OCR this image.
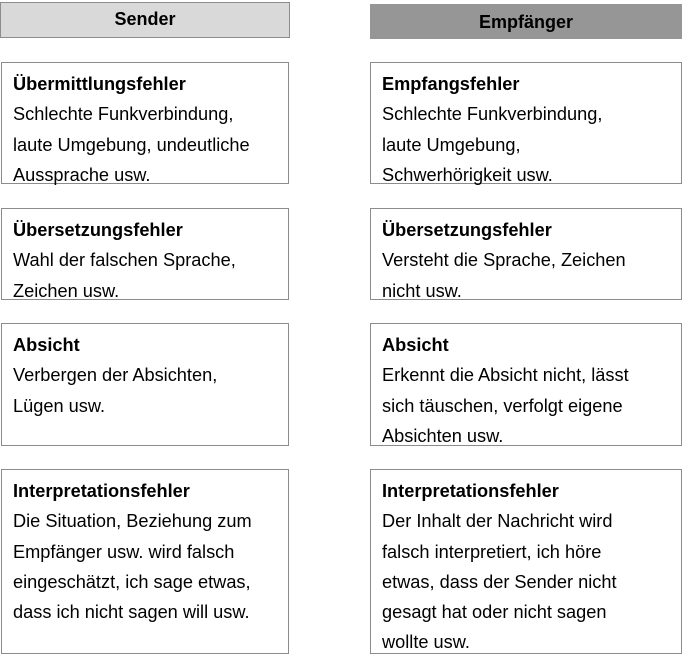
Sender	Empfänger
Übermittlungsfehler
Schlechte Funkverbindung,
laute Umgebung, undeutliche
Aussprache usw.
Übersetzungsfehler
Wahl der falschen Sprache,
Zeichen usw.
Absicht
Verbergen der Absichten,
Lügen usw.
Interpretationsfehler
Die Situation, Beziehung zum
Empfänger usw. wird falsch
eingeschätzt, ich sage etwas,
dass ich nicht sagen will usw.
Empfangsfehler
Schlechte Funkverbindung,
laute Umgebung,
Schwerhörigkeit usw.
Übersetzungsfehler
Versteht die Sprache, Zeichen
nicht usw.
Absicht
Erkennt die Absicht nicht, lässt
sich täuschen, verfolgt eigene
Absichten usw.
Interpretationsfehler
Der Inhalt der Nachricht wird
falsch interpretiert, ich höre
etwas, dass der Sender nicht
gesagt hat oder nicht sagen
wollte usw.
